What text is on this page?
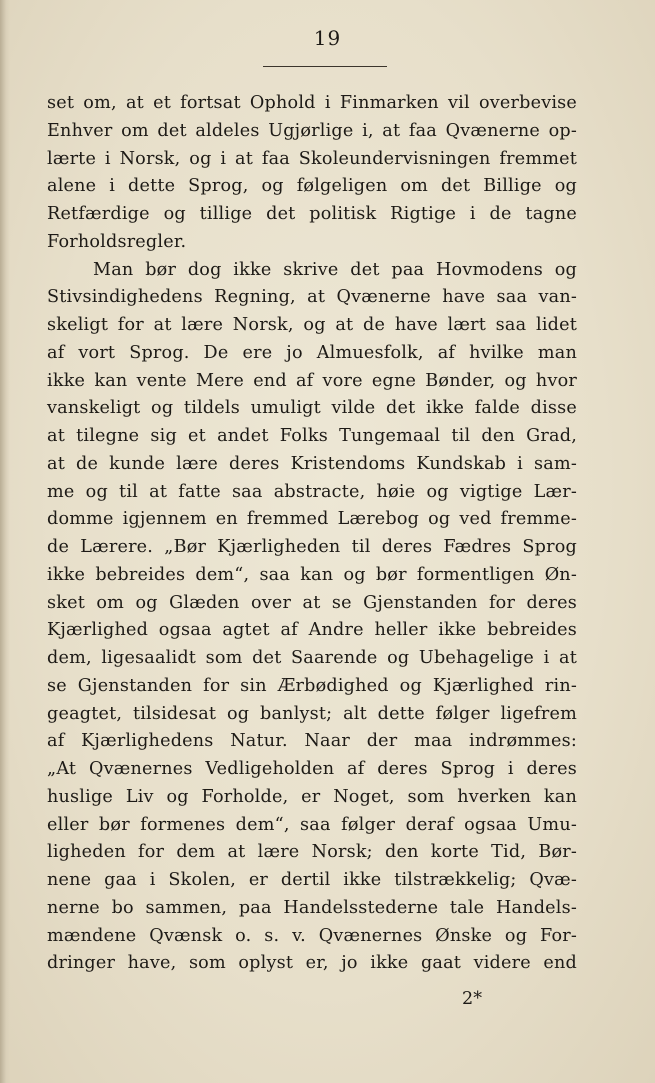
19
set om, at et fortsat Ophold i Finmarken vil overbevise
Enhver om det aldeles Ugjørlige i, at faa Qvænerne op-
lærte i Norsk, og i at faa Skoleundervisningen fremmet
alene i dette Sprog, og følgeligen om det Billige og
Retfærdige og tillige det politisk Rigtige i de tagne
Forholdsregler.
Man bør dog ikke skrive det paa Hovmodens og
Stivsindighedens Regning, at Qvænerne have saa van-
skeligt for at lære Norsk, og at de have lært saa lidet
af vort Sprog. De ere jo Almuesfolk, af hvilke man
ikke kan vente Mere end af vore egne Bønder, og hvor
vanskeligt og tildels umuligt vilde det ikke falde disse
at tilegne sig et andet Folks Tungemaal til den Grad,
at de kunde lære deres Kristendoms Kundskab i sam-
me og til at fatte saa abstracte, høie og vigtige Lær-
domme igjennem en fremmed Lærebog og ved fremme-
de Lærere. „Bør Kjærligheden til deres Fædres Sprog
ikke bebreides dem“, saa kan og bør formentligen Øn-
sket om og Glæden over at se Gjenstanden for deres
Kjærlighed ogsaa agtet af Andre heller ikke bebreides
dem, ligesaalidt som det Saarende og Ubehagelige i at
se Gjenstanden for sin Ærbødighed og Kjærlighed rin-
geagtet, tilsidesat og banlyst; alt dette følger ligefrem
af Kjærlighedens Natur. Naar der maa indrømmes:
„At Qvænernes Vedligeholden af deres Sprog i deres
huslige Liv og Forholde, er Noget, som hverken kan
eller bør formenes dem“, saa følger deraf ogsaa Umu-
ligheden for dem at lære Norsk; den korte Tid, Bør-
nene gaa i Skolen, er dertil ikke tilstrækkelig; Qvæ-
nerne bo sammen, paa Handelsstederne tale Handels-
mændene Qvænsk o. s. v. Qvænernes Ønske og For-
dringer have, som oplyst er, jo ikke gaat videre end
2*
